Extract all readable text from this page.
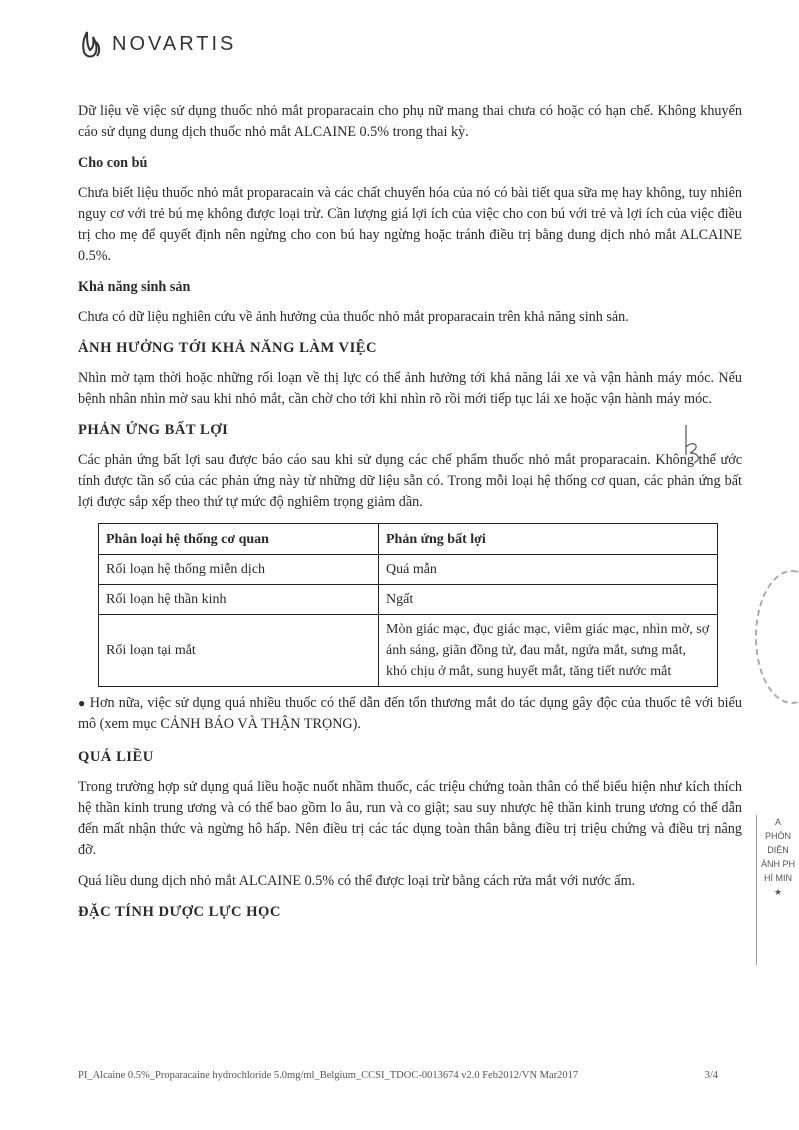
NOVARTIS

Dữ liệu về việc sử dụng thuốc nhỏ mắt proparacain cho phụ nữ mang thai chưa có hoặc có hạn chế. Không khuyến cáo sử dụng dung dịch thuốc nhỏ mắt ALCAINE 0.5% trong thai kỳ.

Cho con bú

Chưa biết liệu thuốc nhỏ mắt proparacain và các chất chuyển hóa của nó có bài tiết qua sữa mẹ hay không, tuy nhiên nguy cơ với trẻ bú mẹ không được loại trừ. Cần lượng giá lợi ích của việc cho con bú với trẻ và lợi ích của việc điều trị cho mẹ để quyết định nên ngừng cho con bú hay ngừng hoặc tránh điều trị bằng dung dịch nhỏ mắt ALCAINE 0.5%.

Khả năng sinh sản

Chưa có dữ liệu nghiên cứu về ảnh hưởng của thuốc nhỏ mắt proparacain trên khả năng sinh sản.

ẢNH HƯỞNG TỚI KHẢ NĂNG LÀM VIỆC

Nhìn mờ tạm thời hoặc những rối loạn về thị lực có thể ảnh hưởng tới khả năng lái xe và vận hành máy móc. Nếu bệnh nhân nhìn mờ sau khi nhỏ mắt, cần chờ cho tới khi nhìn rõ rồi mới tiếp tục lái xe hoặc vận hành máy móc.

PHẢN ỨNG BẤT LỢI

Các phản ứng bất lợi sau được báo cáo sau khi sử dụng các chế phẩm thuốc nhỏ mắt proparacain. Không thể ước tính được tần số của các phản ứng này từ những dữ liệu sẵn có. Trong mỗi loại hệ thống cơ quan, các phản ứng bất lợi được sắp xếp theo thứ tự mức độ nghiêm trọng giảm dần.

Phân loại hệ thống cơ quan	Phản ứng bất lợi
Rối loạn hệ thống miễn dịch	Quá mẫn
Rối loạn hệ thần kinh	Ngất
Rối loạn tại mắt	Mòn giác mạc, đục giác mạc, viêm giác mạc, nhìn mờ, sợ ánh sáng, giãn đồng tử, đau mắt, ngứa mắt, sưng mắt, khó chịu ở mắt, sung huyết mắt, tăng tiết nước mắt
● Hơn nữa, việc sử dụng quá nhiều thuốc có thể dẫn đến tổn thương mắt do tác dụng gây độc của thuốc tê với biểu mô (xem mục CẢNH BÁO VÀ THẬN TRỌNG).
QUÁ LIỀU

Trong trường hợp sử dụng quá liều hoặc nuốt nhầm thuốc, các triệu chứng toàn thân có thể biểu hiện như kích thích hệ thần kinh trung ương và có thể bao gồm lo âu, run và co giật; sau suy nhược hệ thần kinh trung ương có thể dẫn đến mất nhận thức và ngừng hô hấp. Nên điều trị các tác dụng toàn thân bằng điều trị triệu chứng và điều trị nâng đỡ.

Quá liều dung dịch nhỏ mắt ALCAINE 0.5% có thể được loại trừ bằng cách rửa mắt với nước ấm.

ĐẶC TÍNH DƯỢC LỰC HỌC
A
PHÒN
DIỆN
ÀNH PH
HÍ MIN
★
PI_Alcaine 0.5%_Proparacaine hydrochloride 5.0mg/ml_Belgium_CCSI_TDOC-0013674 v2.0 Feb2012/VN Mar2017	3/4
